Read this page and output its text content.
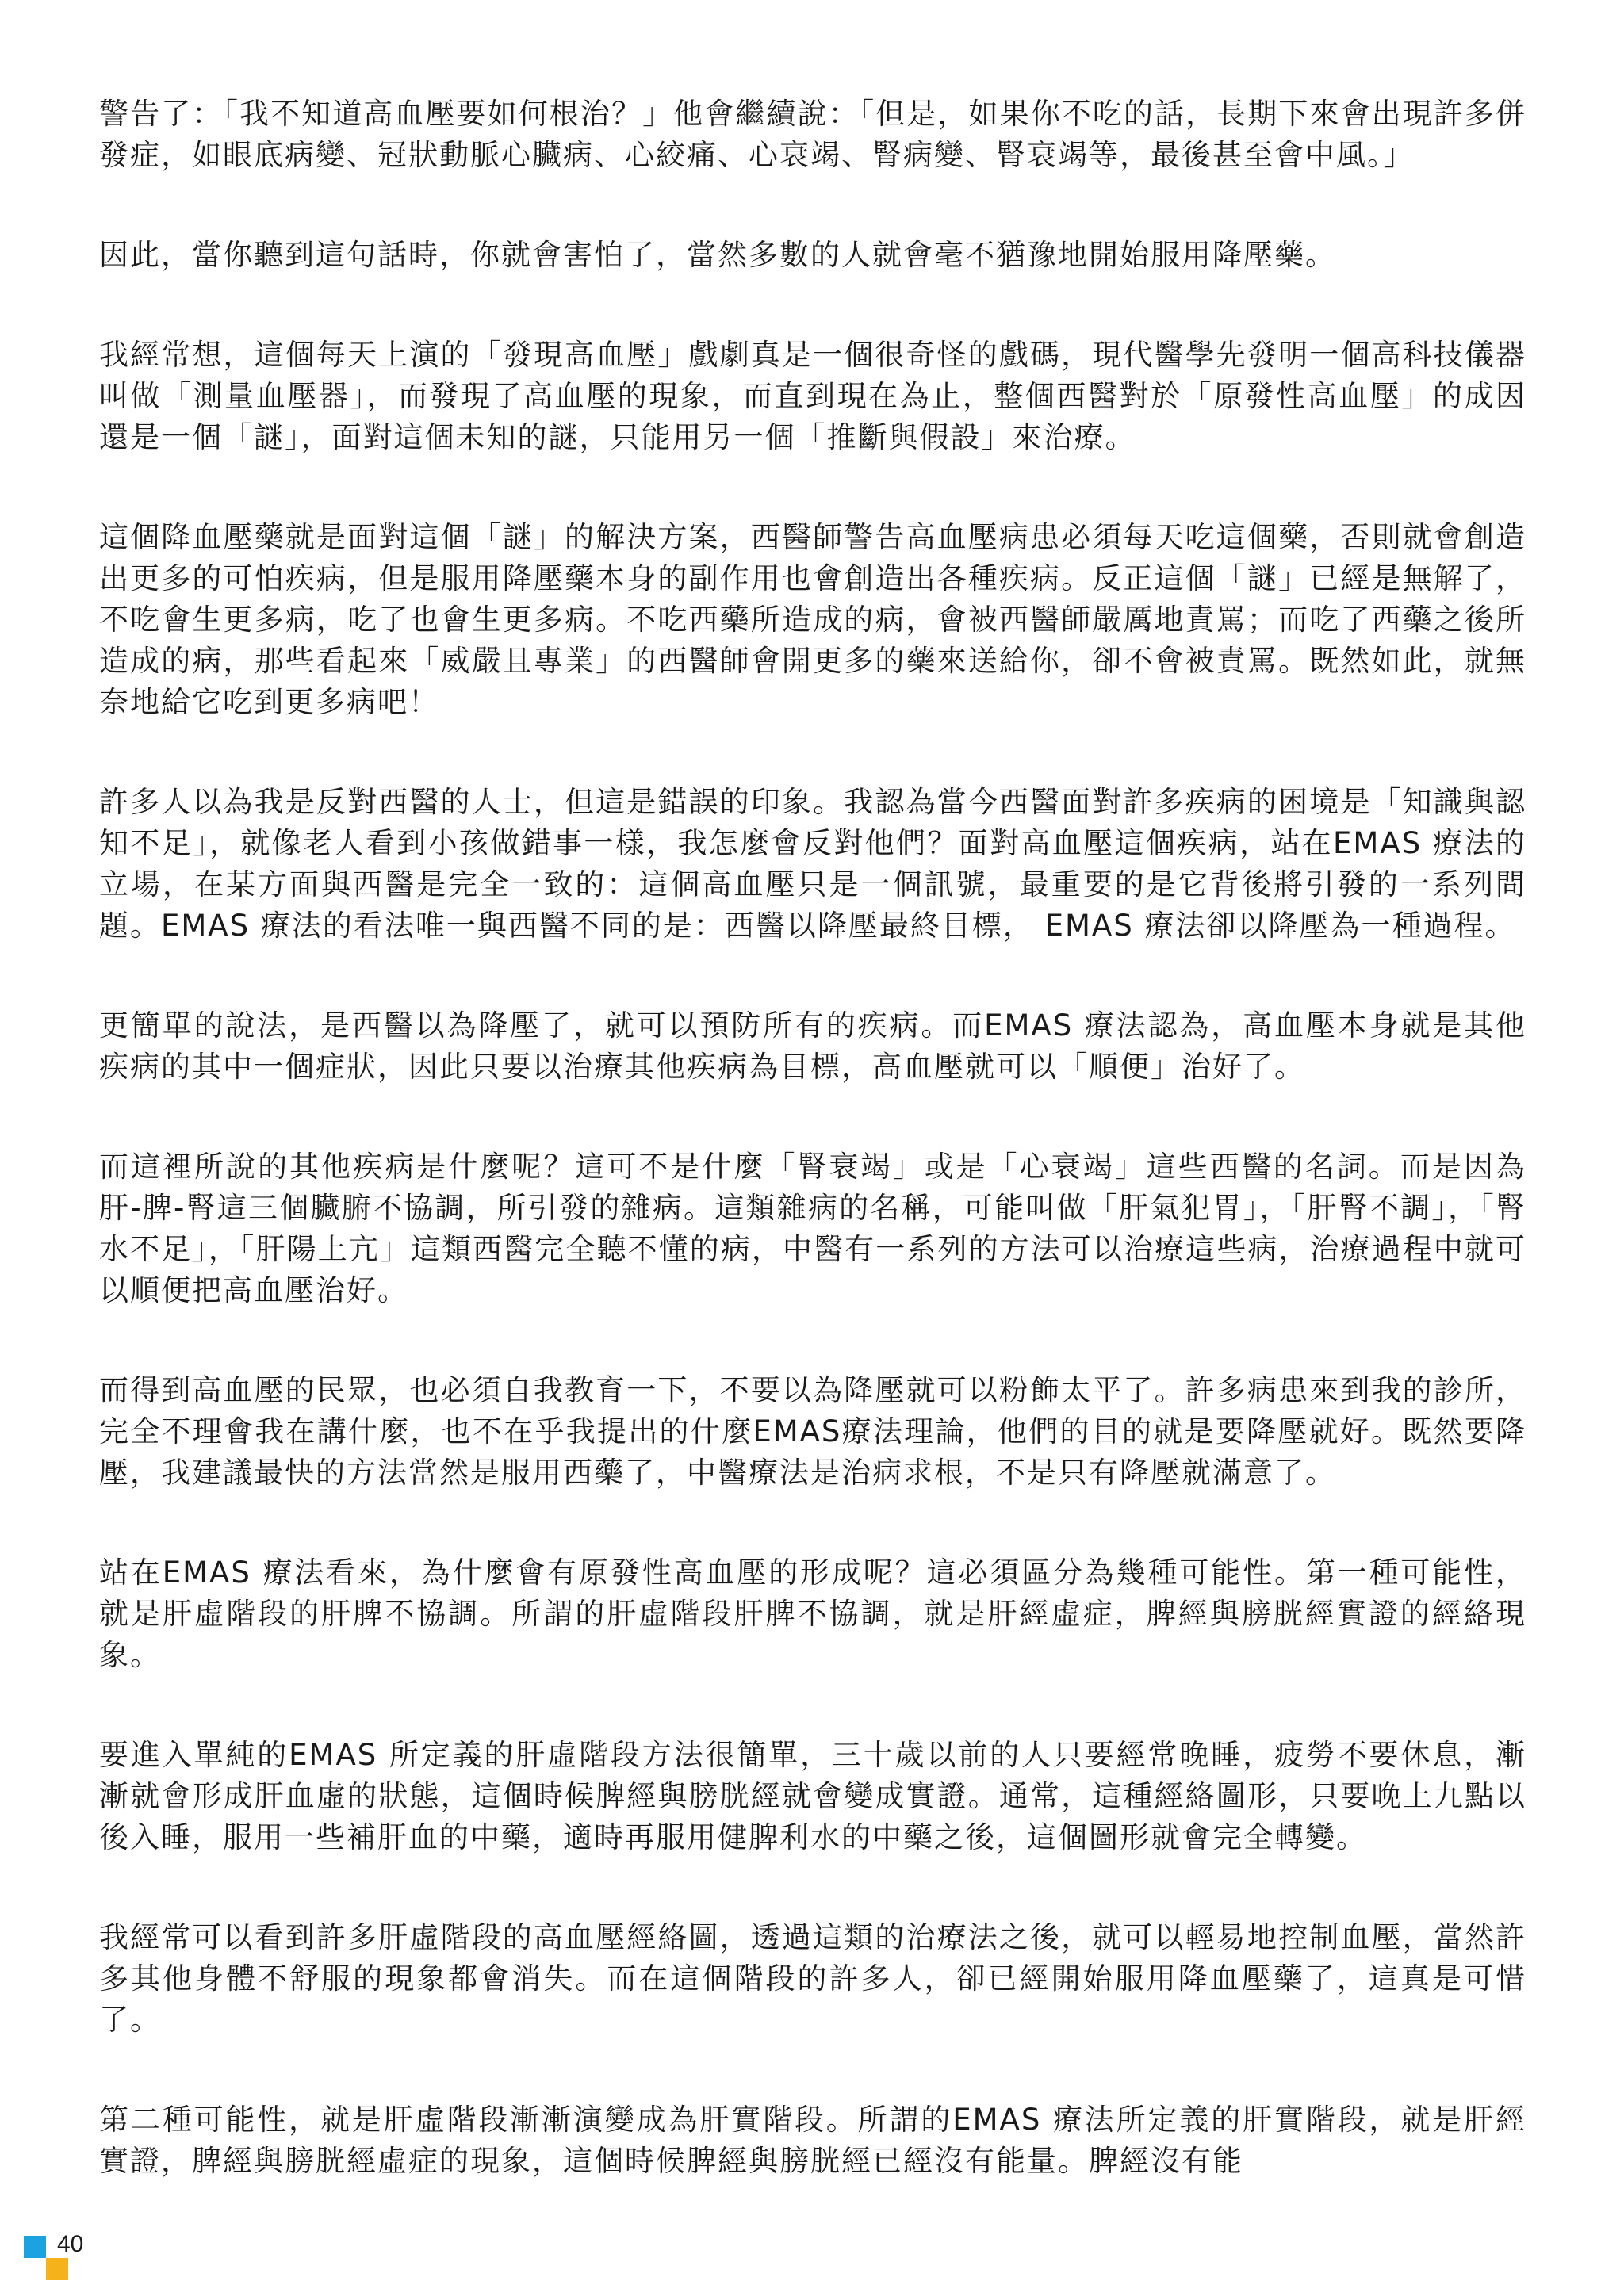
警告了：「我不知道高血壓要如何根治？」他會繼續說：「但是，如果你不吃的話，長期下來會出現許多併發症，如眼底病變、冠狀動脈心臟病、心絞痛、心衰竭、腎病變、腎衰竭等，最後甚至會中風。」

因此，當你聽到這句話時，你就會害怕了，當然多數的人就會毫不猶豫地開始服用降壓藥。

我經常想，這個每天上演的「發現高血壓」戲劇真是一個很奇怪的戲碼，現代醫學先發明一個高科技儀器叫做「測量血壓器」，而發現了高血壓的現象，而直到現在為止，整個西醫對於「原發性高血壓」的成因還是一個「謎」，面對這個未知的謎，只能用另一個「推斷與假設」來治療。

這個降血壓藥就是面對這個「謎」的解決方案，西醫師警告高血壓病患必須每天吃這個藥，否則就會創造出更多的可怕疾病，但是服用降壓藥本身的副作用也會創造出各種疾病。反正這個「謎」已經是無解了，不吃會生更多病，吃了也會生更多病。不吃西藥所造成的病，會被西醫師嚴厲地責罵；而吃了西藥之後所造成的病，那些看起來「威嚴且專業」的西醫師會開更多的藥來送給你，卻不會被責罵。既然如此，就無奈地給它吃到更多病吧！

許多人以為我是反對西醫的人士，但這是錯誤的印象。我認為當今西醫面對許多疾病的困境是「知識與認知不足」，就像老人看到小孩做錯事一樣，我怎麼會反對他們？面對高血壓這個疾病，站在EMAS 療法的立場，在某方面與西醫是完全一致的：這個高血壓只是一個訊號，最重要的是它背後將引發的一系列問題。EMAS 療法的看法唯一與西醫不同的是：西醫以降壓最終目標， EMAS 療法卻以降壓為一種過程。

更簡單的說法，是西醫以為降壓了，就可以預防所有的疾病。而EMAS 療法認為，高血壓本身就是其他疾病的其中一個症狀，因此只要以治療其他疾病為目標，高血壓就可以「順便」治好了。

而這裡所說的其他疾病是什麼呢？這可不是什麼「腎衰竭」或是「心衰竭」這些西醫的名詞。而是因為肝-脾-腎這三個臟腑不協調，所引發的雜病。這類雜病的名稱，可能叫做「肝氣犯胃」，「肝腎不調」，「腎水不足」，「肝陽上亢」這類西醫完全聽不懂的病，中醫有一系列的方法可以治療這些病，治療過程中就可以順便把高血壓治好。

而得到高血壓的民眾，也必須自我教育一下，不要以為降壓就可以粉飾太平了。許多病患來到我的診所，完全不理會我在講什麼，也不在乎我提出的什麼EMAS療法理論，他們的目的就是要降壓就好。既然要降壓，我建議最快的方法當然是服用西藥了，中醫療法是治病求根，不是只有降壓就滿意了。

站在EMAS 療法看來，為什麼會有原發性高血壓的形成呢？這必須區分為幾種可能性。第一種可能性，就是肝虛階段的肝脾不協調。所謂的肝虛階段肝脾不協調，就是肝經虛症，脾經與膀胱經實證的經絡現象。

要進入單純的EMAS 所定義的肝虛階段方法很簡單，三十歲以前的人只要經常晚睡，疲勞不要休息，漸漸就會形成肝血虛的狀態，這個時候脾經與膀胱經就會變成實證。通常，這種經絡圖形，只要晚上九點以後入睡，服用一些補肝血的中藥，適時再服用健脾利水的中藥之後，這個圖形就會完全轉變。

我經常可以看到許多肝虛階段的高血壓經絡圖，透過這類的治療法之後，就可以輕易地控制血壓，當然許多其他身體不舒服的現象都會消失。而在這個階段的許多人，卻已經開始服用降血壓藥了，這真是可惜了。

第二種可能性，就是肝虛階段漸漸演變成為肝實階段。所謂的EMAS 療法所定義的肝實階段，就是肝經實證，脾經與膀胱經虛症的現象，這個時候脾經與膀胱經已經沒有能量。脾經沒有能

40
